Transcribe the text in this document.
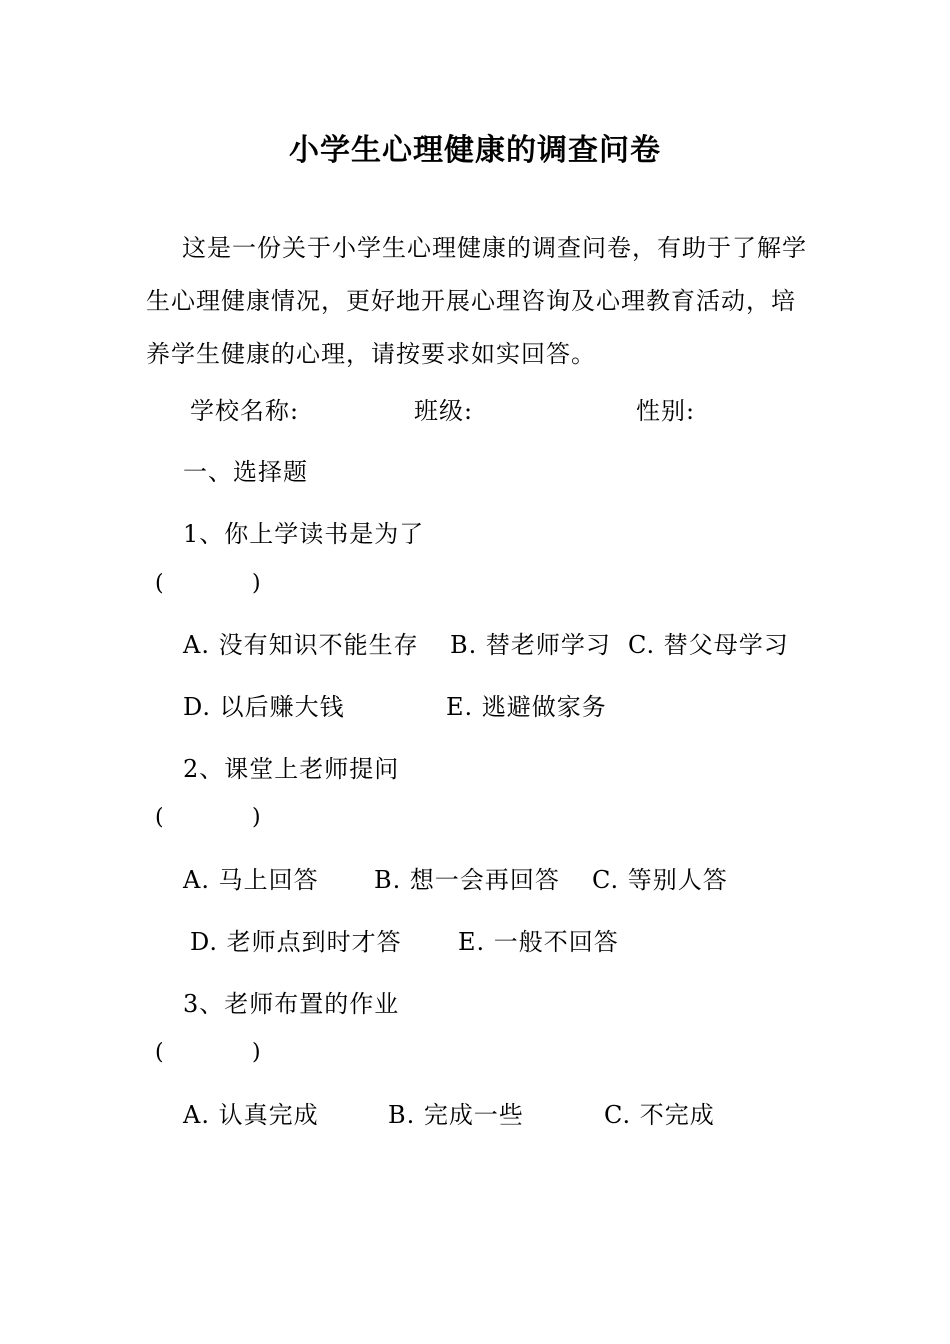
小学生心理健康的调查问卷

这是一份关于小学生心理健康的调查问卷，有助于了解学生心理健康情况，更好地开展心理咨询及心理教育活动，培养学生健康的心理，请按要求如实回答。

学校名称:	班级:	性别:
一、选择题
1、你上学读书是为了
(	)
A. 没有知识不能生存 B. 替老师学习 C. 替父母学习
D. 以后赚大钱	E. 逃避做家务
2、课堂上老师提问
(	)
A. 马上回答 B. 想一会再回答 C. 等别人答
D. 老师点到时才答 E. 一般不回答
3、老师布置的作业
(	)
A. 认真完成	B. 完成一些	C. 不完成
